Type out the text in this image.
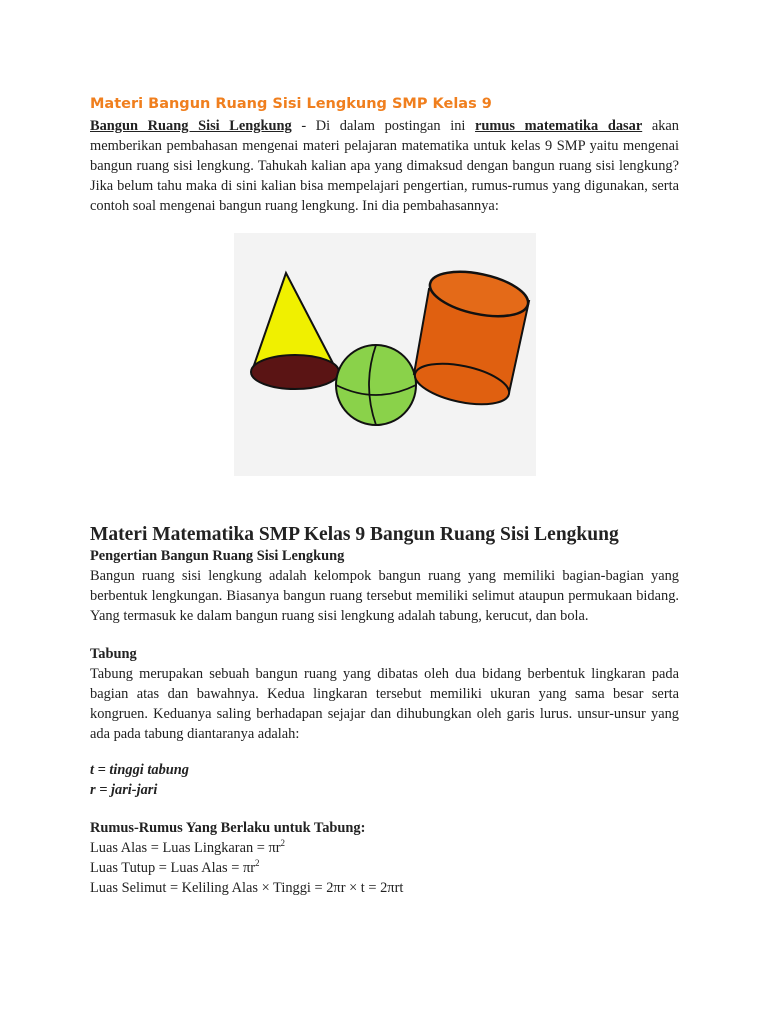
Materi Bangun Ruang Sisi Lengkung SMP Kelas 9

Bangun Ruang Sisi Lengkung - Di dalam postingan ini rumus matematika dasar akan

memberikan pembahasan mengenai materi pelajaran matematika untuk kelas 9 SMP yaitu mengenai bangun ruang sisi lengkung. Tahukah kalian apa yang dimaksud dengan bangun ruang sisi lengkung? Jika belum tahu maka di sini kalian bisa mempelajari pengertian, rumus-rumus yang digunakan, serta contoh soal mengenai bangun ruang lengkung. Ini dia pembahasannya:

Materi Matematika SMP Kelas 9 Bangun Ruang Sisi Lengkung

Pengertian Bangun Ruang Sisi Lengkung

Bangun ruang sisi lengkung adalah kelompok bangun ruang yang memiliki bagian-bagian yang berbentuk lengkungan. Biasanya bangun ruang tersebut memiliki selimut ataupun permukaan bidang. Yang termasuk ke dalam bangun ruang sisi lengkung adalah tabung, kerucut, dan bola.

Tabung

Tabung merupakan sebuah bangun ruang yang dibatas oleh dua bidang berbentuk lingkaran pada bagian atas dan bawahnya. Kedua lingkaran tersebut memiliki ukuran yang sama besar serta kongruen. Keduanya saling berhadapan sejajar dan dihubungkan oleh garis lurus. unsur-unsur yang ada pada tabung diantaranya adalah:

t = tinggi tabung

r = jari-jari

Rumus-Rumus Yang Berlaku untuk Tabung:

Luas Alas = Luas Lingkaran = $\pi r^2$

Luas Tutup = Luas Alas = $\pi r^2$

Luas Selimut = Keliling Alas × Tinggi = 2πr × t = 2πrt
